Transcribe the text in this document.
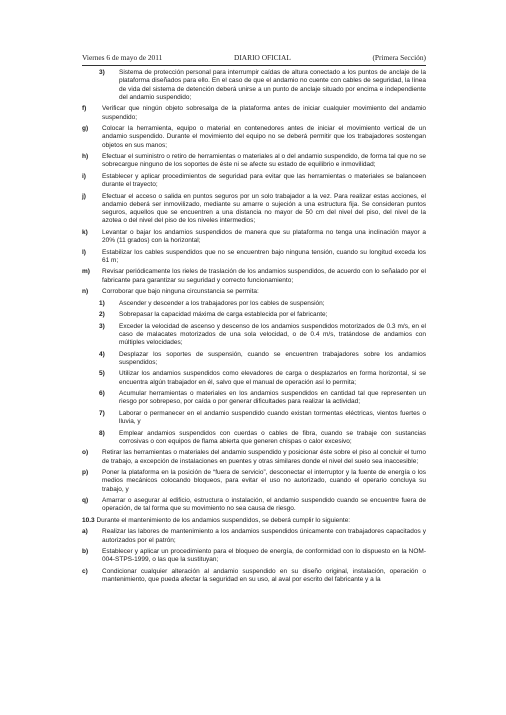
Viernes 6 de mayo de 2011	DIARIO OFICIAL	(Primera Sección)
3) Sistema de protección personal para interrumpir caídas de altura conectado a los puntos de anclaje de la plataforma diseñados para ello. En el caso de que el andamio no cuente con cables de seguridad, la línea de vida del sistema de detención deberá unirse a un punto de anclaje situado por encima e independiente del andamio suspendido;
f) Verificar que ningún objeto sobresalga de la plataforma antes de iniciar cualquier movimiento del andamio suspendido;
g) Colocar la herramienta, equipo o material en contenedores antes de iniciar el movimiento vertical de un andamio suspendido. Durante el movimiento del equipo no se deberá permitir que los trabajadores sostengan objetos en sus manos;
h) Efectuar el suministro o retiro de herramientas o materiales al o del andamio suspendido, de forma tal que no se sobrecargue ninguno de los soportes de éste ni se afecte su estado de equilibrio e inmovilidad;
i) Establecer y aplicar procedimientos de seguridad para evitar que las herramientas o materiales se balanceen durante el trayecto;
j) Efectuar el acceso o salida en puntos seguros por un solo trabajador a la vez. Para realizar estas acciones, el andamio deberá ser inmovilizado, mediante su amarre o sujeción a una estructura fija. Se consideran puntos seguros, aquellos que se encuentren a una distancia no mayor de 50 cm del nivel del piso, del nivel de la azotea o del nivel del piso de los niveles intermedios;
k) Levantar o bajar los andamios suspendidos de manera que su plataforma no tenga una inclinación mayor a 20% (11 grados) con la horizontal;
l) Estabilizar los cables suspendidos que no se encuentren bajo ninguna tensión, cuando su longitud exceda los 61 m;
m) Revisar periódicamente los rieles de traslación de los andamios suspendidos, de acuerdo con lo señalado por el fabricante para garantizar su seguridad y correcto funcionamiento;
n) Corroborar que bajo ninguna circunstancia se permita:
1) Ascender y descender a los trabajadores por los cables de suspensión;
2) Sobrepasar la capacidad máxima de carga establecida por el fabricante;
3) Exceder la velocidad de ascenso y descenso de los andamios suspendidos motorizados de 0.3 m/s, en el caso de malacates motorizados de una sola velocidad, o de 0.4 m/s, tratándose de andamios con múltiples velocidades;
4) Desplazar los soportes de suspensión, cuando se encuentren trabajadores sobre los andamios suspendidos;
5) Utilizar los andamios suspendidos como elevadores de carga o desplazarlos en forma horizontal, si se encuentra algún trabajador en él, salvo que el manual de operación así lo permita;
6) Acumular herramientas o materiales en los andamios suspendidos en cantidad tal que representen un riesgo por sobrepeso, por caída o por generar dificultades para realizar la actividad;
7) Laborar o permanecer en el andamio suspendido cuando existan tormentas eléctricas, vientos fuertes o lluvia, y
8) Emplear andamios suspendidos con cuerdas o cables de fibra, cuando se trabaje con sustancias corrosivas o con equipos de flama abierta que generen chispas o calor excesivo;
o) Retirar las herramientas o materiales del andamio suspendido y posicionar éste sobre el piso al concluir el turno de trabajo, a excepción de instalaciones en puentes y otras similares donde el nivel del suelo sea inaccesible;
p) Poner la plataforma en la posición de “fuera de servicio”, desconectar el interruptor y la fuente de energía o los medios mecánicos colocando bloqueos, para evitar el uso no autorizado, cuando el operario concluya su trabajo, y
q) Amarrar o asegurar al edificio, estructura o instalación, el andamio suspendido cuando se encuentre fuera de operación, de tal forma que su movimiento no sea causa de riesgo.
10.3 Durante el mantenimiento de los andamios suspendidos, se deberá cumplir lo siguiente:
a) Realizar las labores de mantenimiento a los andamios suspendidos únicamente con trabajadores capacitados y autorizados por el patrón;
b) Establecer y aplicar un procedimiento para el bloqueo de energía, de conformidad con lo dispuesto en la NOM-004-STPS-1999, o las que la sustituyan;
c) Condicionar cualquier alteración al andamio suspendido en su diseño original, instalación, operación o mantenimiento, que pueda afectar la seguridad en su uso, al aval por escrito del fabricante y a la
